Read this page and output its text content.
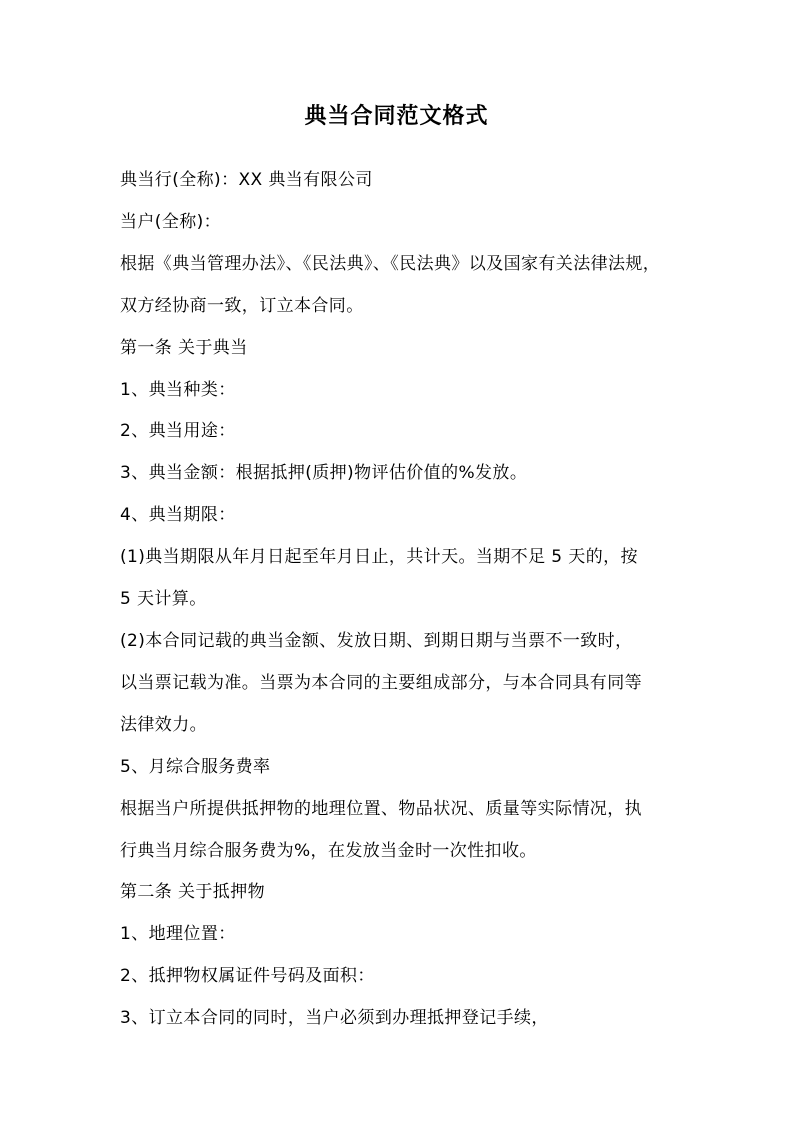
典当合同范文格式

典当行(全称)：XX 典当有限公司

当户(全称)：

根据《典当管理办法》、《民法典》、《民法典》以及国家有关法律法规，

双方经协商一致，订立本合同。

第一条 关于典当

1、典当种类：

2、典当用途：

3、典当金额：根据抵押(质押)物评估价值的%发放。

4、典当期限：

(1)典当期限从年月日起至年月日止，共计天。当期不足 5 天的，按

5 天计算。

(2)本合同记载的典当金额、发放日期、到期日期与当票不一致时，

以当票记载为准。当票为本合同的主要组成部分，与本合同具有同等

法律效力。

5、月综合服务费率

根据当户所提供抵押物的地理位置、物品状况、质量等实际情况，执

行典当月综合服务费为%，在发放当金时一次性扣收。

第二条 关于抵押物

1、地理位置：

2、抵押物权属证件号码及面积：

3、订立本合同的同时，当户必须到办理抵押登记手续，
